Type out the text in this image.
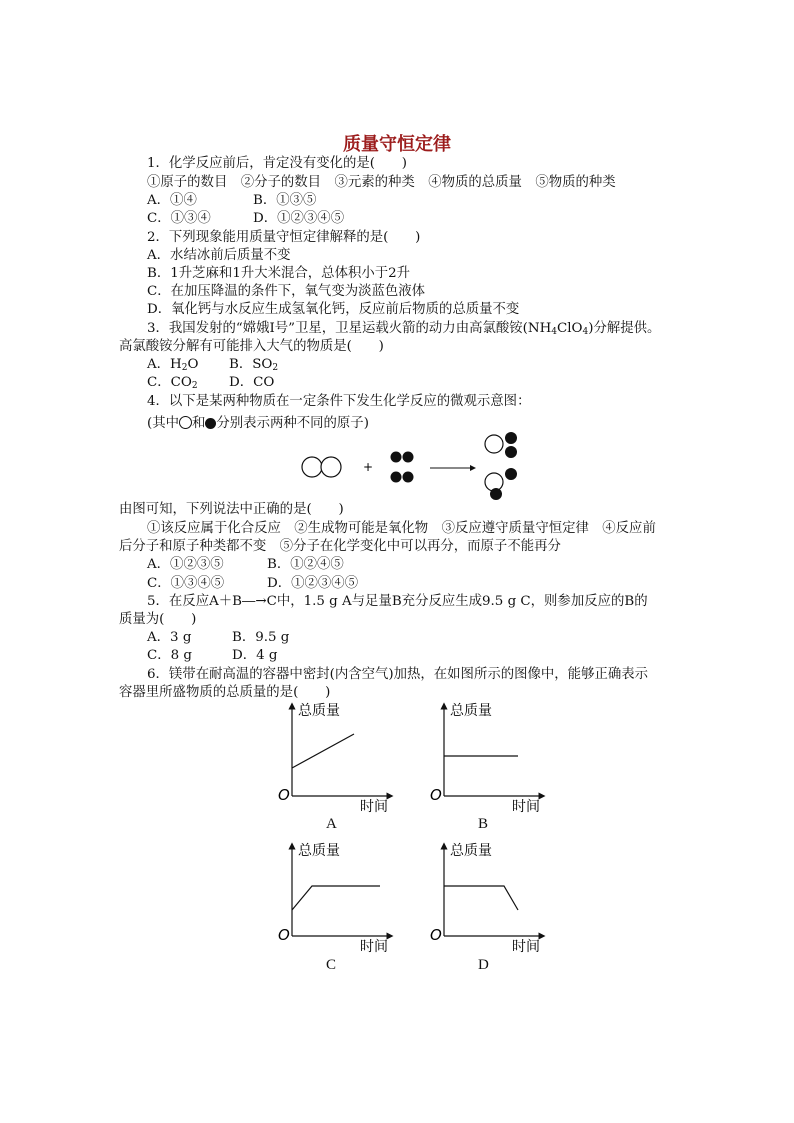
质量守恒定律
1．化学反应前后，肯定没有变化的是(　　)
①原子的数目　②分子的数目　③元素的种类　④物质的总质量　⑤物质的种类
A．①④	B．①③⑤
C．①③④	D．①②③④⑤
2．下列现象能用质量守恒定律解释的是(　　)
A．水结冰前后质量不变
B．1升芝麻和1升大米混合，总体积小于2升
C．在加压降温的条件下，氧气变为淡蓝色液体
D．氧化钙与水反应生成氢氧化钙，反应前后物质的总质量不变
3．我国发射的“嫦娥Ⅰ号”卫星，卫星运载火箭的动力由高氯酸铵$(NH_4ClO_4)$分解提供。
高氯酸铵分解有可能排入大气的物质是(　　)
A．$H_2O$ B．$SO_2$
C．$CO_2$ D．CO
4．以下是某两种物质在一定条件下发生化学反应的微观示意图：
(其中 和 分别表示两种不同的原子)
+
由图可知，下列说法中正确的是(　　)
①该反应属于化合反应　②生成物可能是氧化物　③反应遵守质量守恒定律　④反应前
后分子和原子种类都不变　⑤分子在化学变化中可以再分，而原子不能再分
A．①②③⑤	B．①②④⑤
C．①③④⑤	D．①②③④⑤
5．在反应A＋B―→C中，1.5 g A与足量B充分反应生成9.5 g C，则参加反应的B的
质量为(　　)
A．3 g	B．9.5 g
C．8 g	D．4 g
6．镁带在耐高温的容器中密封(内含空气)加热，在如图所示的图像中，能够正确表示
容器里所盛物质的总质量的是(　　)
总质量
时间
O
A
总质量
时间
O
B
总质量
时间
O
C
总质量
时间
O
D
